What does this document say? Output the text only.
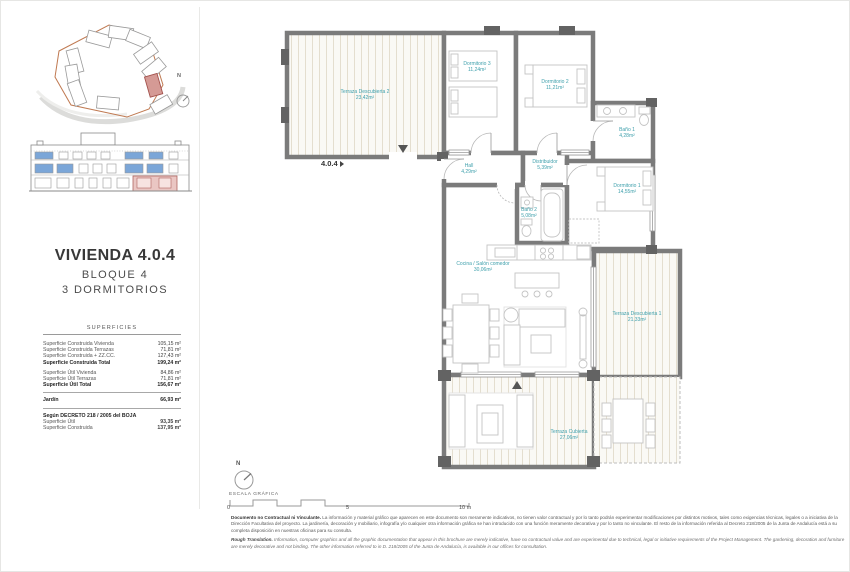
N
VIVIENDA 4.0.4
BLOQUE 4
3 DORMITORIOS
SUPERFICIES
Superficie Construida Vivienda	105,15 m²
Superficie Construida Terrazas	71,81 m²
Superficie Construida + ZZ.CC.	127,43 m²
Superficie Construida Total	199,24 m²
Superficie Útil Vivienda	84,86 m²
Superficie Útil Terrazas	71,81 m²
Superficie Útil Total	156,67 m²
Jardín	66,93 m²
Según DECRETO 218 / 2005 del BOJA
Superficie Útil	93,35 m²
Superficie Construida	137,95 m²
Terraza Descubierta 2
23,42m²
Dormitorio 3
11,24m²
Dormitorio 2
11,21m²
Baño 1
4,28m²
Hall
4,29m²
Distribuidor
5,39m²
Baño 2
5,08m²
Dormitorio 1
14,55m²
Cocina / Salón comedor
30,06m²
Terraza Descubierta 1
21,33m²
Terraza Cubierta
27,06m²
4.0.4
N
ESCALA GRÁFICA
0	5	10 m

Documento no Contractual ni Vinculante. La información y material gráfico que aparecen en este documento son meramente indicativos, no tienen valor contractual y por lo tanto podrán experimentar modificaciones por distintos motivos, tales como exigencias técnicas, legales o a iniciativa de la Dirección Facultativa del proyecto. La jardinería, decoración y mobiliario, infografía y/o cualquier otra información gráfica se han introducido con una función meramente decorativa y por lo tanto no vinculante. El resto de la información referida al Decreto 218/2005 de la Junta de Andalucía está a su completa disposición en nuestras oficinas para su consulta.

Rough Translation. Information, computer graphics and all the graphic documentation that appear in this brochure are merely indicative, have no contractual value and are experimental due to technical, legal or initiative requirements of the Project Management. The gardening, decoration and furniture are merely decorative and not binding. The other information referred to in D. 218/2005 of the Junta de Andalucía, is available in our offices for consultation.
